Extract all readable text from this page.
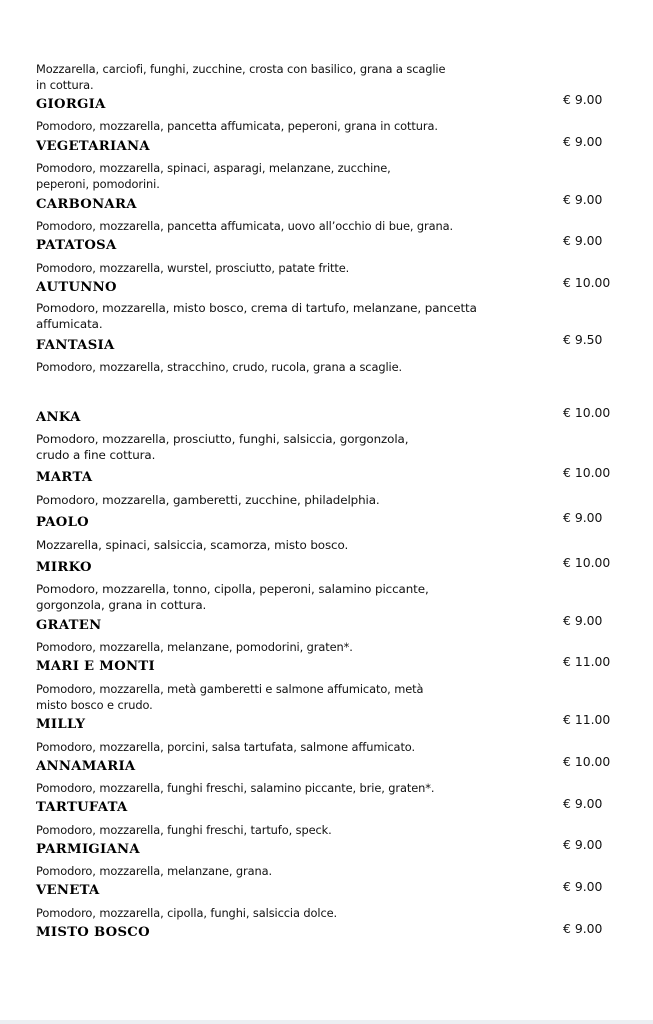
Mozzarella, carciofi, funghi, zucchine, crosta con basilico, grana a scaglie in cottura.
GIORGIA	€ 9.00
Pomodoro, mozzarella, pancetta affumicata, peperoni, grana in cottura.
VEGETARIANA	€ 9.00
Pomodoro, mozzarella, spinaci, asparagi, melanzane, zucchine, peperoni, pomodorini.
CARBONARA	€ 9.00
Pomodoro, mozzarella, pancetta affumicata, uovo all’occhio di bue, grana.
PATATOSA	€ 9.00
Pomodoro, mozzarella, wurstel, prosciutto, patate fritte.
AUTUNNO	€ 10.00
Pomodoro, mozzarella, misto bosco, crema di tartufo, melanzane, pancetta affumicata.
FANTASIA	€ 9.50
Pomodoro, mozzarella, stracchino, crudo, rucola, grana a scaglie.
ANKA	€ 10.00
Pomodoro, mozzarella, prosciutto, funghi, salsiccia, gorgonzola, crudo a fine cottura.
MARTA	€ 10.00
Pomodoro, mozzarella, gamberetti, zucchine, philadelphia.
PAOLO	€ 9.00
Mozzarella, spinaci, salsiccia, scamorza, misto bosco.
MIRKO	€ 10.00
Pomodoro, mozzarella, tonno, cipolla, peperoni, salamino piccante, gorgonzola, grana in cottura.
GRATEN	€ 9.00
Pomodoro, mozzarella, melanzane, pomodorini, graten*.
MARI E MONTI	€ 11.00
Pomodoro, mozzarella, metà gamberetti e salmone affumicato, metà misto bosco e crudo.
MILLY	€ 11.00
Pomodoro, mozzarella, porcini, salsa tartufata, salmone affumicato.
ANNAMARIA	€ 10.00
Pomodoro, mozzarella, funghi freschi, salamino piccante, brie, graten*.
TARTUFATA	€ 9.00
Pomodoro, mozzarella, funghi freschi, tartufo, speck.
PARMIGIANA	€ 9.00
Pomodoro, mozzarella, melanzane, grana.
VENETA	€ 9.00
Pomodoro, mozzarella, cipolla, funghi, salsiccia dolce.
MISTO BOSCO	€ 9.00
